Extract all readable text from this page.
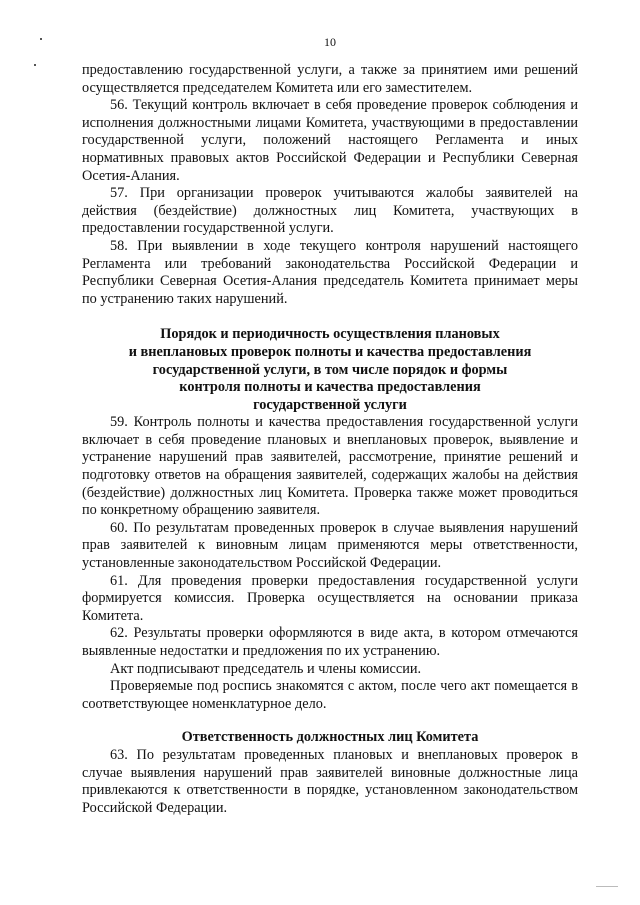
10

предоставлению государственной услуги, а также за принятием ими решений осуществляется председателем Комитета или его заместителем.

56. Текущий контроль включает в себя проведение проверок соблюдения и исполнения должностными лицами Комитета, участвующими в предоставлении государственной услуги, положений настоящего Регламента и иных нормативных правовых актов Российской Федерации и Республики Северная Осетия-Алания.

57. При организации проверок учитываются жалобы заявителей на действия (бездействие) должностных лиц Комитета, участвующих в предоставлении государственной услуги.

58. При выявлении в ходе текущего контроля нарушений настоящего Регламента или требований законодательства Российской Федерации и Республики Северная Осетия-Алания председатель Комитета принимает меры по устранению таких нарушений.

Порядок и периодичность осуществления плановых

и внеплановых проверок полноты и качества предоставления

государственной услуги, в том числе порядок и формы

контроля полноты и качества предоставления

государственной услуги

59. Контроль полноты и качества предоставления государственной услуги включает в себя проведение плановых и внеплановых проверок, выявление и устранение нарушений прав заявителей, рассмотрение, принятие решений и подготовку ответов на обращения заявителей, содержащих жалобы на действия (бездействие) должностных лиц Комитета. Проверка также может проводиться по конкретному обращению заявителя.

60. По результатам проведенных проверок в случае выявления нарушений прав заявителей к виновным лицам применяются меры ответственности, установленные законодательством Российской Федерации.

61. Для проведения проверки предоставления государственной услуги формируется комиссия. Проверка осуществляется на основании приказа Комитета.

62. Результаты проверки оформляются в виде акта, в котором отмечаются выявленные недостатки и предложения по их устранению.

Акт подписывают председатель и члены комиссии.

Проверяемые под роспись знакомятся с актом, после чего акт помещается в соответствующее номенклатурное дело.

Ответственность должностных лиц Комитета

63. По результатам проведенных плановых и внеплановых проверок в случае выявления нарушений прав заявителей виновные должностные лица привлекаются к ответственности в порядке, установленном законодательством Российской Федерации.
